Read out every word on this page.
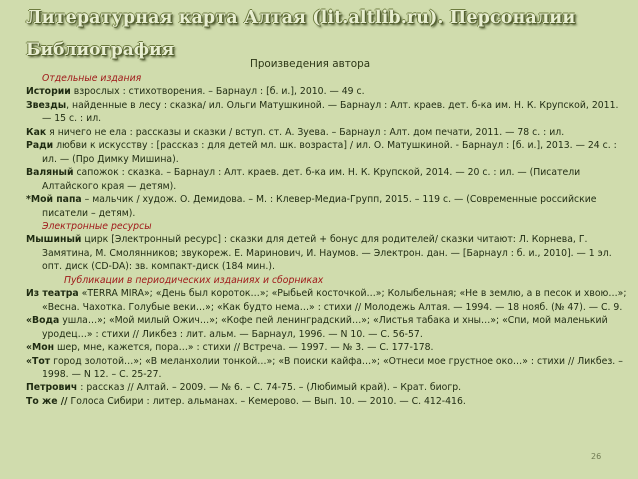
Литературная карта Алтая (lit.altlib.ru). Персоналии
Библиография
Произведения автора

Отдельные издания

Истории взрослых : стихотворения. – Барнаул : [б. и.], 2010. — 49 с.

Звезды, найденные в лесу : сказка/ ил. Ольги Матушкиной. — Барнаул : Алт. краев. дет. б-ка им. Н. К. Крупской, 2011. — 15 с. : ил.

Как я ничего не ела : рассказы и сказки / вступ. ст. А. Зуева. – Барнаул : Алт. дом печати, 2011. — 78 с. : ил.

Ради любви к искусству : [рассказ : для детей мл. шк. возраста] / ил. О. Матушкиной. - Барнаул : [б. и.], 2013. — 24 с. : ил. — (Про Димку Мишина).

Валяный сапожок : сказка. – Барнаул : Алт. краев. дет. б-ка им. Н. К. Крупской, 2014. — 20 с. : ил. — (Писатели Алтайского края — детям).

*Мой папа – мальчик / худож. О. Демидова. – М. : Клевер-Медиа-Групп, 2015. – 119 с. — (Современные российские писатели – детям).

Электронные ресурсы

Мышиный цирк [Электронный ресурс] : сказки для детей + бонус для родителей/ сказки читают: Л. Корнева, Г. Замятина, М. Смолянников; звукореж. Е. Маринович, И. Наумов. — Электрон. дан. — [Барнаул : б. и., 2010]. — 1 эл. опт. диск (CD-DA): зв. компакт-диск (184 мин.).

Публикации в периодических изданиях и сборниках

Из театра «TERRA MIRA»; «День был короток…»; «Рыбьей косточкой…»; Колыбельная; «Не в землю, а в песок и хвою…»; «Весна. Чахотка. Голубые веки…»; «Как будто нема…» : стихи // Молодежь Алтая. — 1994. — 18 нояб. (№ 47). — С. 9.

«Вода ушла…»; «Мой милый Ожич…»; «Кофе пей ленинградский…»; «Листья табака и хны…»; «Спи, мой маленький уродец…» : стихи // Ликбез : лит. альм. — Барнаул, 1996. — N 10. — С. 56-57.

«Мон шер, мне, кажется, пора…» : стихи // Встреча. — 1997. — № 3. — С. 177-178.

«Тот город золотой…»; «В меланхолии тонкой…»; «В поиски кайфа…»; «Отнеси мое грустное око…» : стихи // Ликбез. – 1998. — N 12. – С. 25-27.

Петрович : рассказ // Алтай. – 2009. — № 6. – С. 74-75. – (Любимый край). – Крат. биогр.

То же // Голоса Сибири : литер. альманах. – Кемерово. — Вып. 10. — 2010. — С. 412-416.

26
